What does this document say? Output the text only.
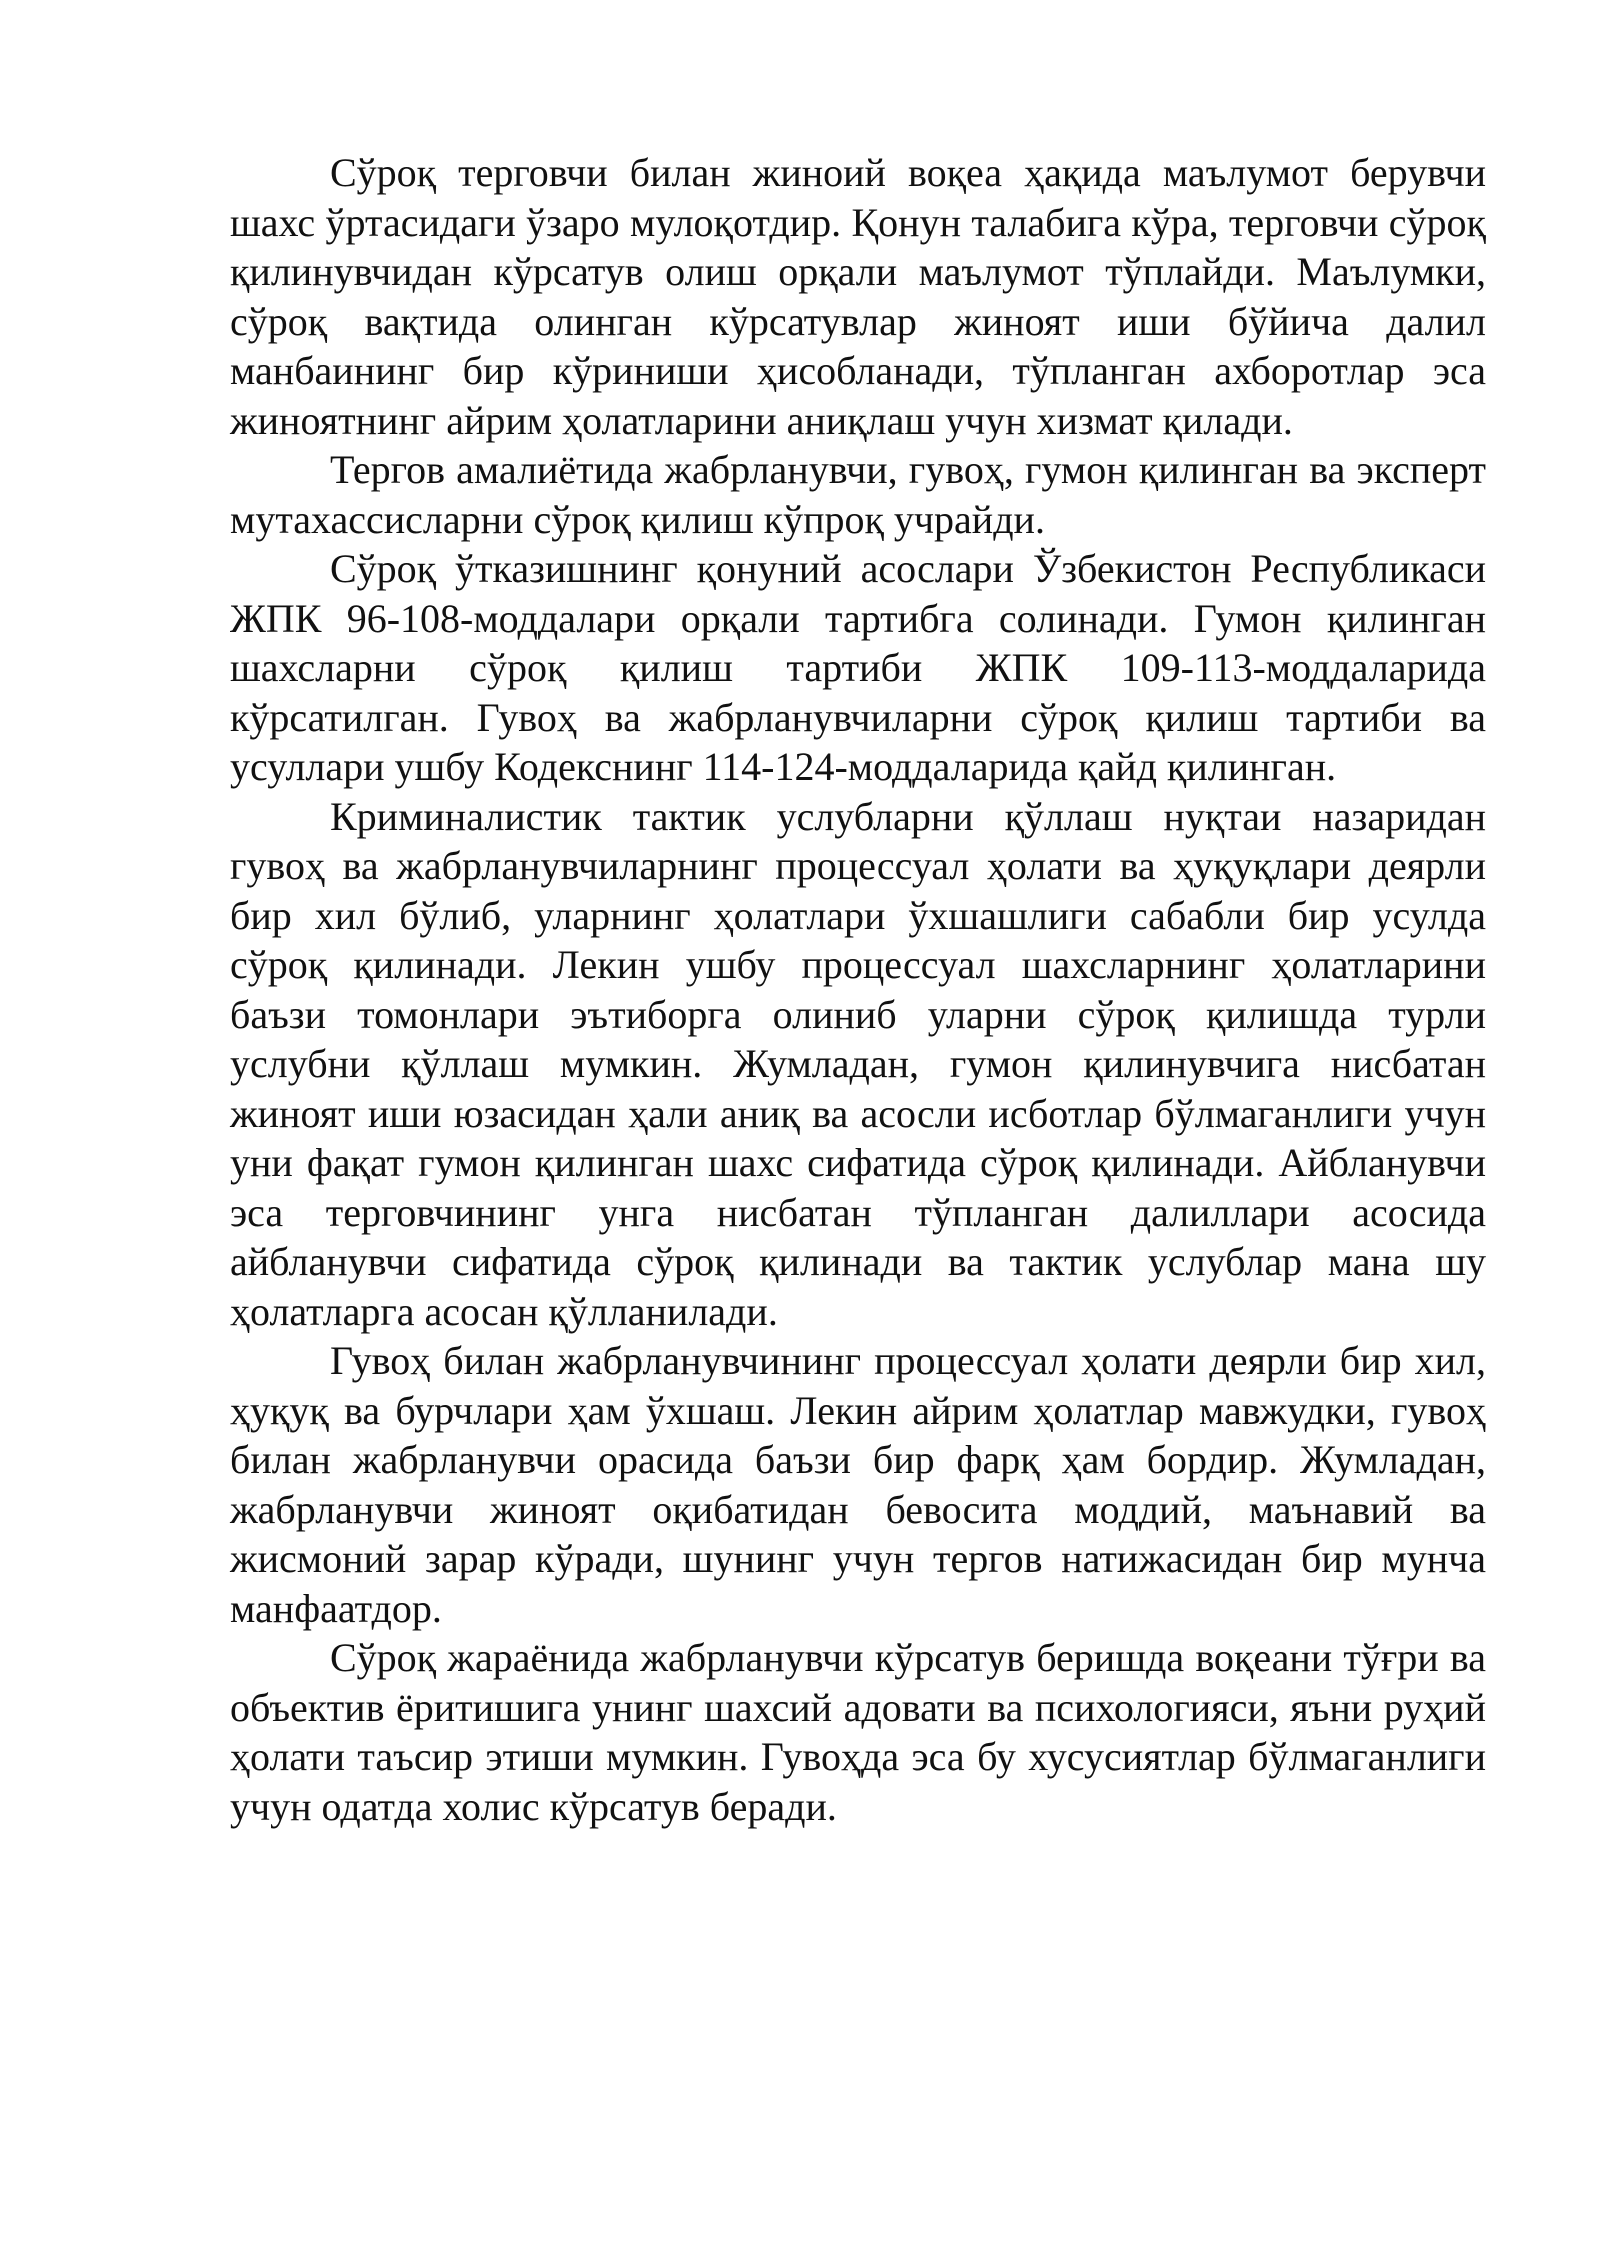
Сўроқ терговчи билан жиноий воқеа ҳақида маълумот берувчи шахс ўртасидаги ўзаро мулоқотдир. Қонун талабига кўра, терговчи сўроқ қилинувчидан кўрсатув олиш орқали маълумот тўплайди. Маълумки, сўроқ вақтида олинган кўрсатувлар жиноят иши бўйича далил манбаининг бир кўриниши ҳисобланади, тўпланган ахборотлар эса жиноятнинг айрим ҳолатларини аниқлаш учун хизмат қилади.

Тергов амалиётида жабрланувчи, гувоҳ, гумон қилинган ва эксперт мутахассисларни сўроқ қилиш кўпроқ учрайди.

Сўроқ ўтказишнинг қонуний асослари Ўзбекистон Республикаси ЖПК 96-108-моддалари орқали тартибга солинади. Гумон қилинган шахсларни сўроқ қилиш тартиби ЖПК 109-113-моддаларида кўрсатилган. Гувоҳ ва жабрланувчиларни сўроқ қилиш тартиби ва усуллари ушбу Кодекснинг 114-124-моддаларида қайд қилинган.

Криминалистик тактик услубларни қўллаш нуқтаи назаридан гувоҳ ва жабрланувчиларнинг процессуал ҳолати ва ҳуқуқлари деярли бир хил бўлиб, уларнинг ҳолатлари ўхшашлиги сабабли бир усулда сўроқ қилинади. Лекин ушбу процессуал шахсларнинг ҳолатларини баъзи томонлари эътиборга олиниб уларни сўроқ қилишда турли услубни қўллаш мумкин. Жумладан, гумон қилинувчига нисбатан жиноят иши юзасидан ҳали аниқ ва асосли исботлар бўлмаганлиги учун уни фақат гумон қилинган шахс сифатида сўроқ қилинади. Айбланувчи эса терговчининг унга нисбатан тўпланган далиллари асосида айбланувчи сифатида сўроқ қилинади ва тактик услублар мана шу ҳолатларга асосан қўлланилади.

Гувоҳ билан жабрланувчининг процессуал ҳолати деярли бир хил, ҳуқуқ ва бурчлари ҳам ўхшаш. Лекин айрим ҳолатлар мавжудки, гувоҳ билан жабрланувчи орасида баъзи бир фарқ ҳам бордир. Жумладан, жабрланувчи жиноят оқибатидан бевосита моддий, маънавий ва жисмоний зарар кўради, шунинг учун тергов натижасидан бир мунча манфаатдор.

Сўроқ жараёнида жабрланувчи кўрсатув беришда воқеани тўғри ва объектив ёритишига унинг шахсий адовати ва психологияси, яъни руҳий ҳолати таъсир этиши мумкин. Гувоҳда эса бу хусусиятлар бўлмаганлиги учун одатда холис кўрсатув беради.
